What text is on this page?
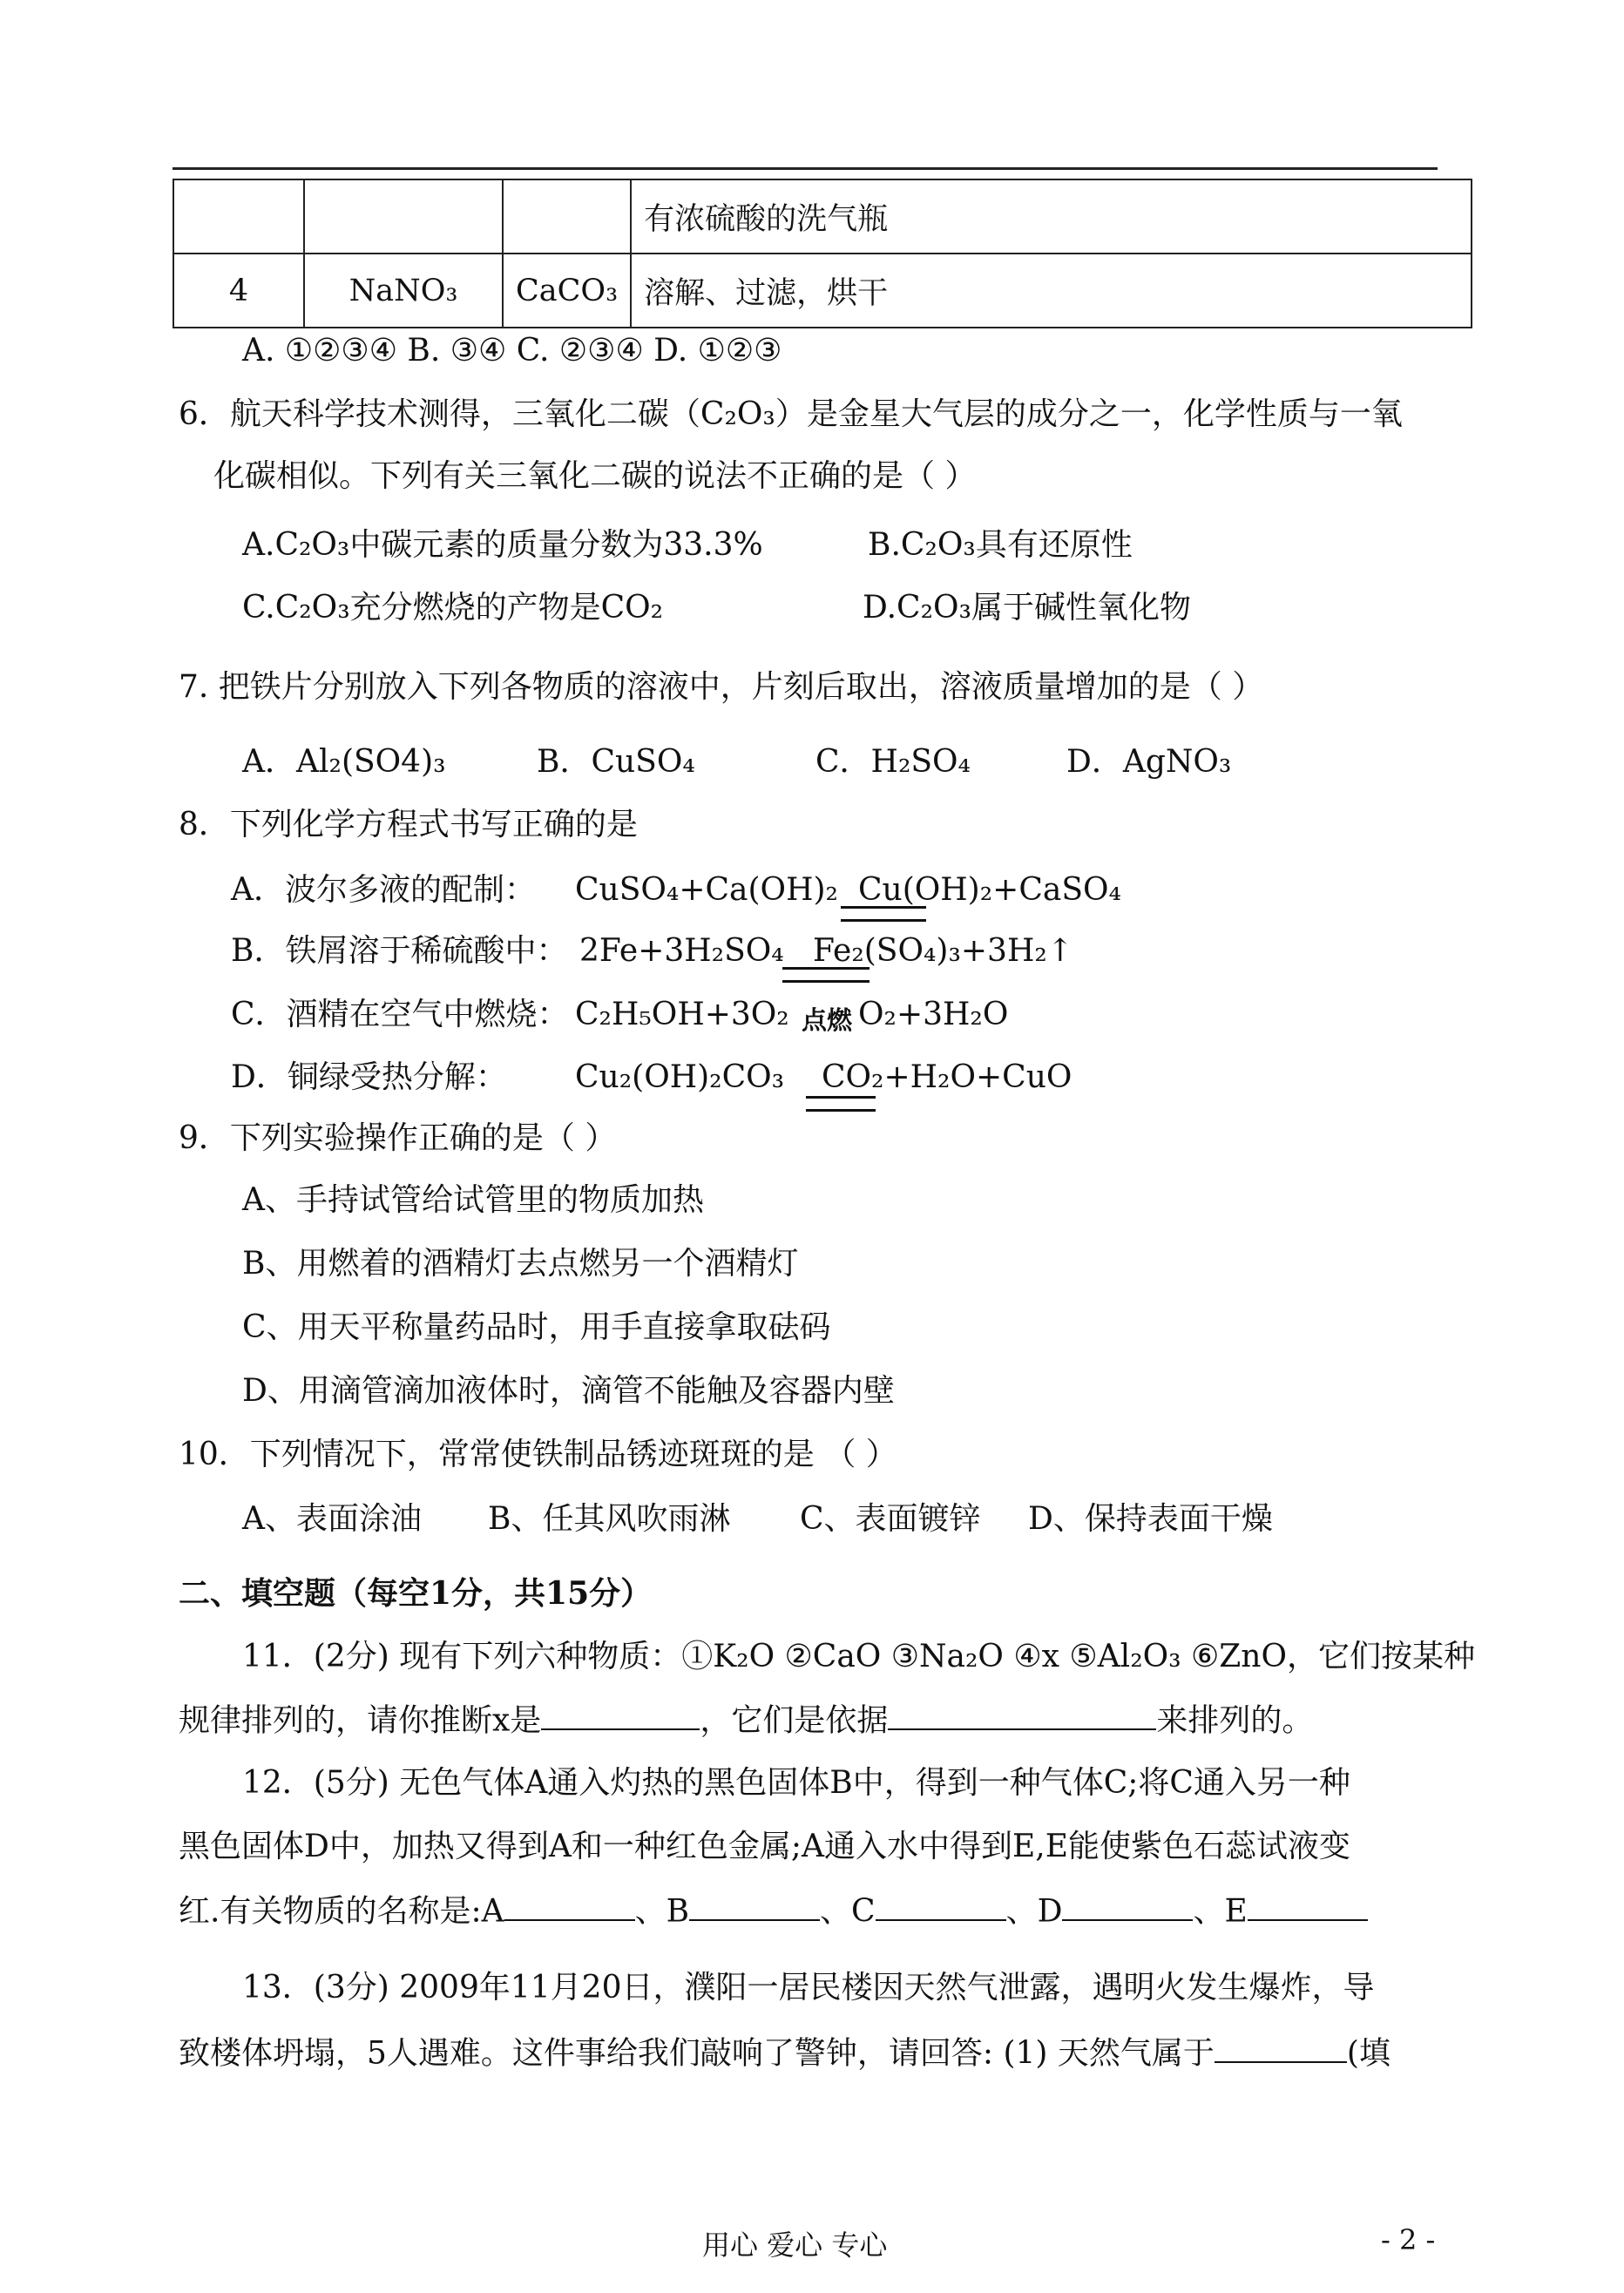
			有浓硫酸的洗气瓶
4	NaNO₃	CaCO₃	溶解、过滤，烘干
A. ①②③④ B. ③④ C. ②③④ D. ①②③
6．航天科学技术测得，三氧化二碳（C₂O₃）是金星大气层的成分之一，化学性质与一氧
化碳相似。下列有关三氧化二碳的说法不正确的是（ ）
A.C₂O₃中碳元素的质量分数为33.3%	B.C₂O₃具有还原性
C.C₂O₃充分燃烧的产物是CO₂	D.C₂O₃属于碱性氧化物
7. 把铁片分别放入下列各物质的溶液中，片刻后取出，溶液质量增加的是（ ）
A．Al₂(SO4)₃	B．CuSO₄	C．H₂SO₄	D．AgNO₃
8．下列化学方程式书写正确的是
A．波尔多液的配制： CuSO₄+Ca(OH)₂ Cu(OH)₂+CaSO₄
B．铁屑溶于稀硫酸中： 2Fe+3H₂SO₄ Fe₂(SO₄)₃+3H₂↑
C．酒精在空气中燃烧： C₂H₅OH+3O₂ O₂+3H₂O
点燃
D．铜绿受热分解： Cu₂(OH)₂CO₃ CO₂+H₂O+CuO
9．下列实验操作正确的是（ ）
A、手持试管给试管里的物质加热
B、用燃着的酒精灯去点燃另一个酒精灯
C、用天平称量药品时，用手直接拿取砝码
D、用滴管滴加液体时，滴管不能触及容器内壁
10．下列情况下，常常使铁制品锈迹斑斑的是 （ ）
A、表面涂油 B、任其风吹雨淋 C、表面镀锌 D、保持表面干燥
二、填空题（每空1分，共15分）
11．(2分) 现有下列六种物质：①K₂O ②CaO ③Na₂O ④x ⑤Al₂O₃ ⑥ZnO，它们按某种
规律排列的，请你推断x是	，它们是依据	来排列的。
12．(5分) 无色气体A通入灼热的黑色固体B中，得到一种气体C;将C通入另一种
黑色固体D中，加热又得到A和一种红色金属;A通入水中得到E,E能使紫色石蕊试液变
红.有关物质的名称是:A	、B	、C	、D	、E
13．(3分) 2009年11月20日，濮阳一居民楼因天然气泄露，遇明火发生爆炸，导
致楼体坍塌，5人遇难。这件事给我们敲响了警钟，请回答: (1) 天然气属于	(填
用心 爱心 专心	- 2 -
